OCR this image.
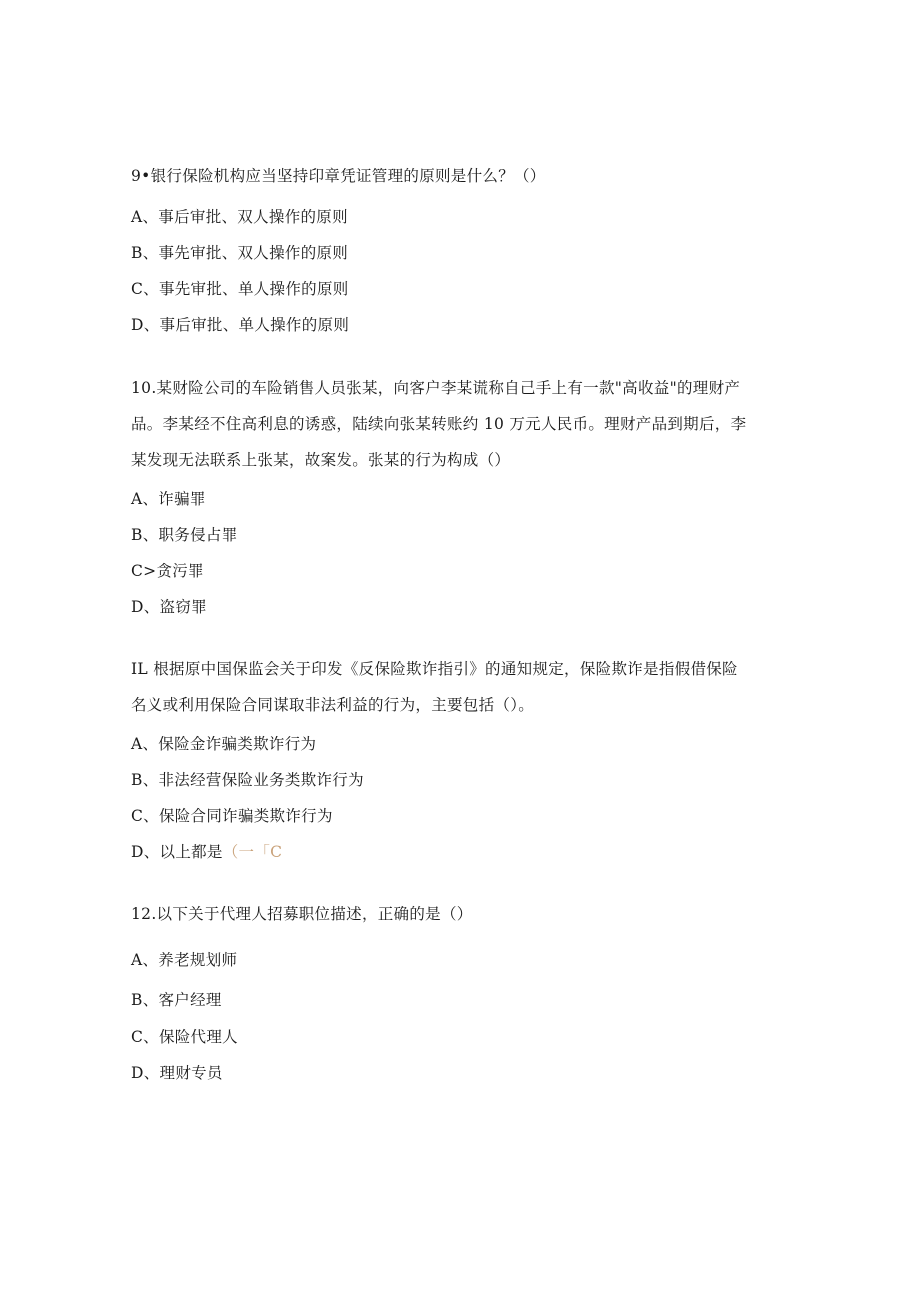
9•银行保险机构应当坚持印章凭证管理的原则是什么？（）
A、事后审批、双人操作的原则
B、事先审批、双人操作的原则
C、事先审批、单人操作的原则
D、事后审批、单人操作的原则
10.某财险公司的车险销售人员张某，向客户李某谎称自己手上有一款"高收益"的理财产
品。李某经不住高利息的诱惑，陆续向张某转账约 10 万元人民币。理财产品到期后，李
某发现无法联系上张某，故案发。张某的行为构成（）
A、诈骗罪
B、职务侵占罪
C>贪污罪
D、盗窃罪
IL 根据原中国保监会关于印发《反保险欺诈指引》的通知规定，保险欺诈是指假借保险
名义或利用保险合同谋取非法利益的行为，主要包括（）。
A、保险金诈骗类欺诈行为
B、非法经营保险业务类欺诈行为
C、保险合同诈骗类欺诈行为
D、以上都是（一「C
12.以下关于代理人招募职位描述，正确的是（）
A、养老规划师
B、客户经理
C、保险代理人
D、理财专员
